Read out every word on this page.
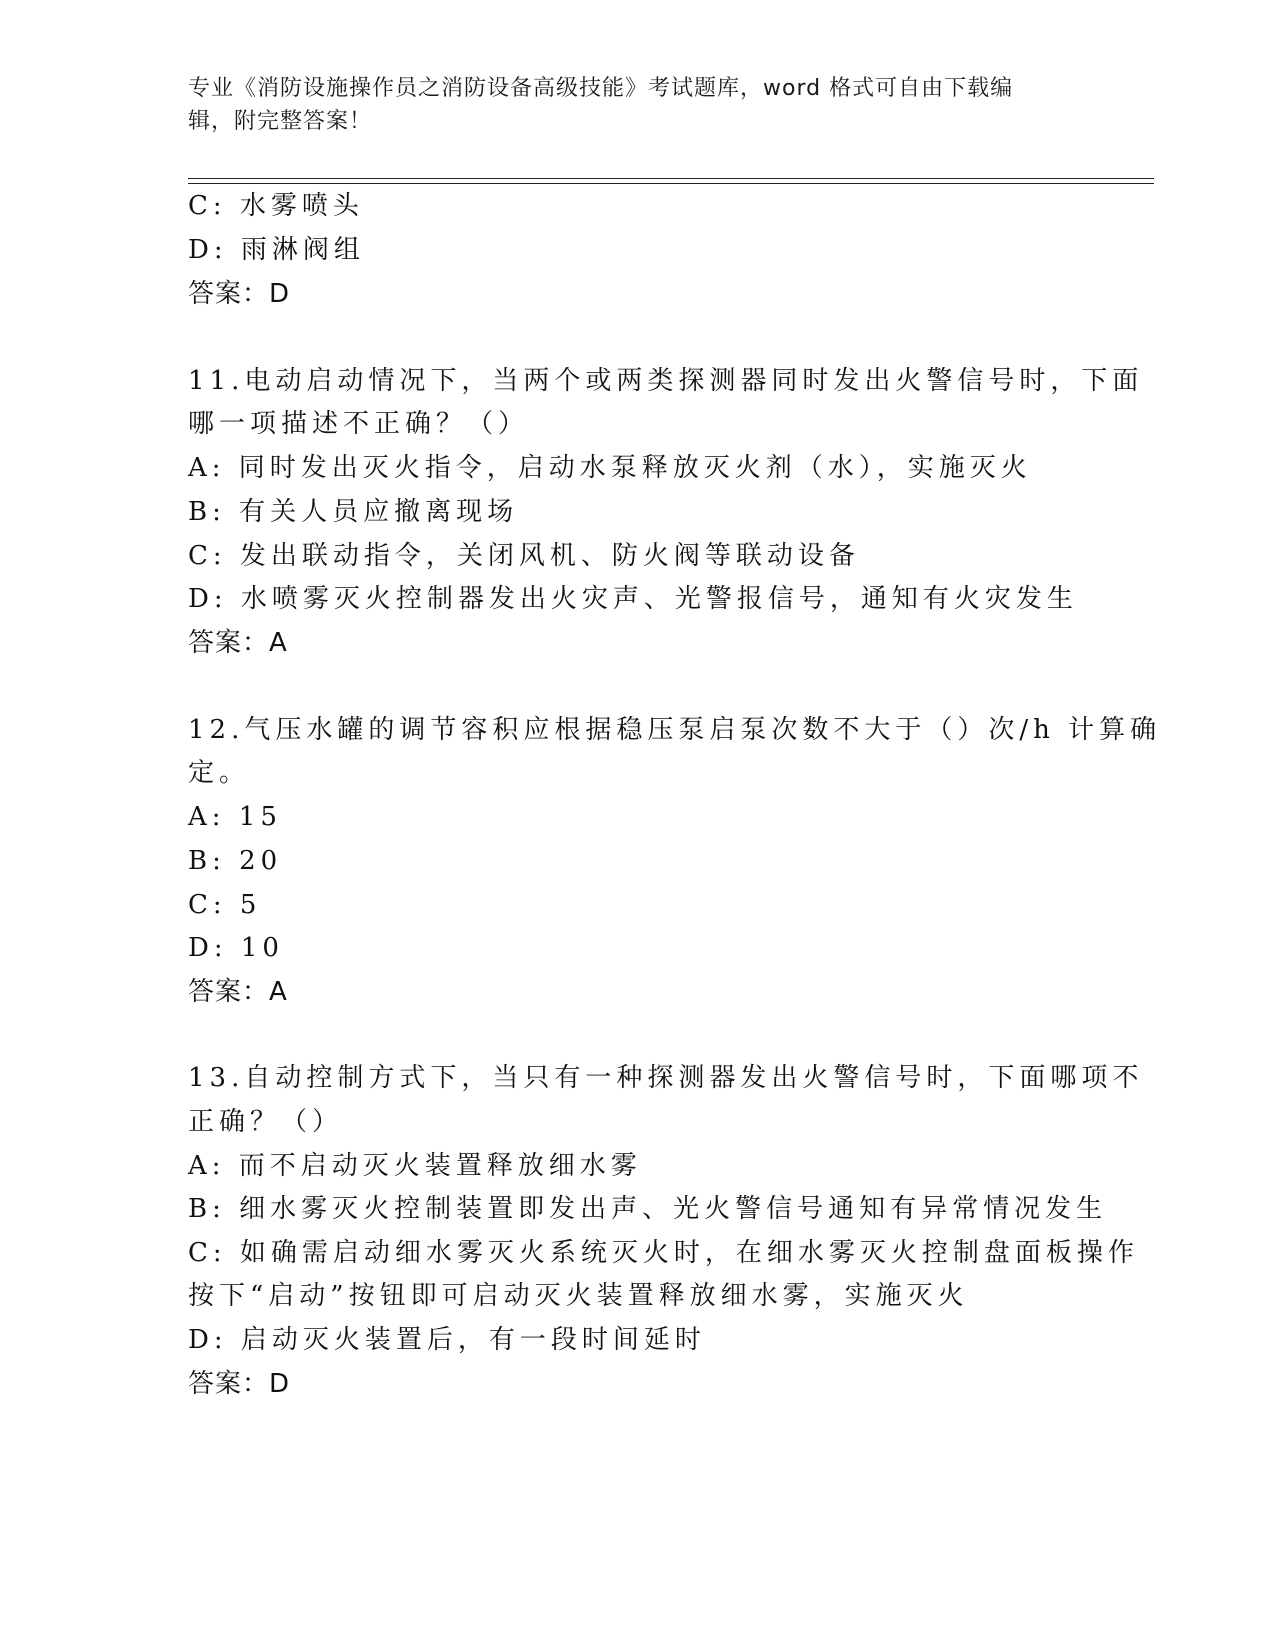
专业《消防设施操作员之消防设备高级技能》考试题库，word 格式可自由下载编
辑，附完整答案！
C: 水雾喷头
D: 雨淋阀组
答案：D
11.电动启动情况下，当两个或两类探测器同时发出火警信号时，下面
哪一项描述不正确？（）
A: 同时发出灭火指令，启动水泵释放灭火剂（水），实施灭火
B: 有关人员应撤离现场
C: 发出联动指令，关闭风机、防火阀等联动设备
D: 水喷雾灭火控制器发出火灾声、光警报信号，通知有火灾发生
答案：A
12.气压水罐的调节容积应根据稳压泵启泵次数不大于（）次/h 计算确
定。
A: 15
B: 20
C: 5
D: 10
答案：A
13.自动控制方式下，当只有一种探测器发出火警信号时，下面哪项不
正确？（）
A: 而不启动灭火装置释放细水雾
B: 细水雾灭火控制装置即发出声、光火警信号通知有异常情况发生
C: 如确需启动细水雾灭火系统灭火时，在细水雾灭火控制盘面板操作
按下“启动”按钮即可启动灭火装置释放细水雾，实施灭火
D: 启动灭火装置后，有一段时间延时
答案：D
